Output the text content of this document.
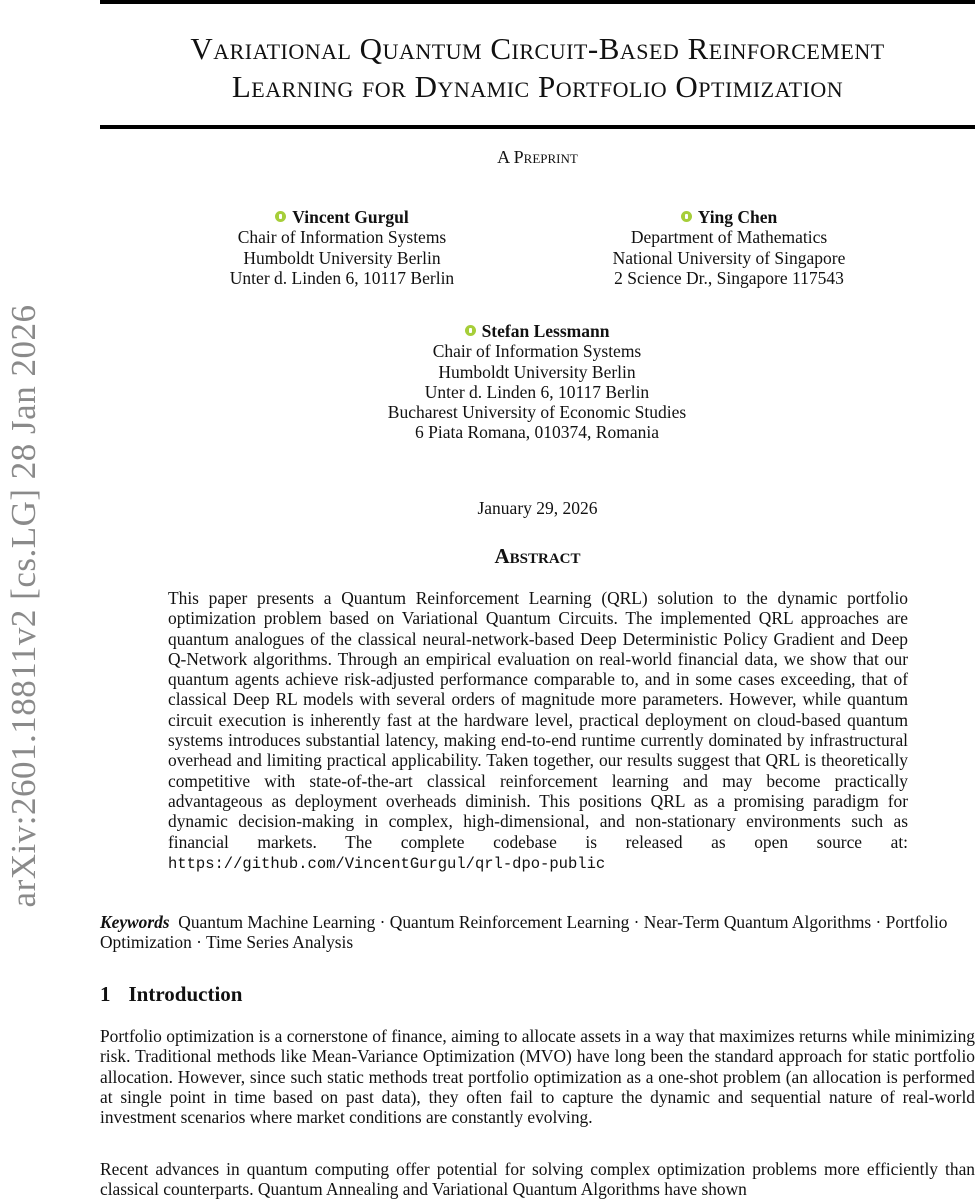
arXiv:2601.18811v2 [cs.LG] 28 Jan 2026
Variational Quantum Circuit-Based Reinforcement
Learning for Dynamic Portfolio Optimization
A Preprint
Vincent Gurgul
Chair of Information Systems
Humboldt University Berlin
Unter d. Linden 6, 10117 Berlin
Ying Chen
Department of Mathematics
National University of Singapore
2 Science Dr., Singapore 117543
Stefan Lessmann
Chair of Information Systems
Humboldt University Berlin
Unter d. Linden 6, 10117 Berlin
Bucharest University of Economic Studies
6 Piata Romana, 010374, Romania
January 29, 2026
Abstract
This paper presents a Quantum Reinforcement Learning (QRL) solution to the dynamic portfolio optimization problem based on Variational Quantum Circuits. The implemented QRL approaches are quantum analogues of the classical neural-network-based Deep Deterministic Policy Gradient and Deep Q-Network algorithms. Through an empirical evaluation on real-world financial data, we show that our quantum agents achieve risk-adjusted performance comparable to, and in some cases exceeding, that of classical Deep RL models with several orders of magnitude more parameters. However, while quantum circuit execution is inherently fast at the hardware level, practical deployment on cloud-based quantum systems introduces substantial latency, making end-to-end runtime currently dominated by infrastructural overhead and limiting practical applicability. Taken together, our results suggest that QRL is theoretically competitive with state-of-the-art classical reinforcement learning and may become practically advantageous as deployment overheads diminish. This positions QRL as a promising paradigm for dynamic decision-making in complex, high-dimensional, and non-stationary environments such as financial markets. The complete codebase is released as open source at: https://github.com/VincentGurgul/qrl-dpo-public
Keywords Quantum Machine Learning · Quantum Reinforcement Learning · Near-Term Quantum Algorithms · Portfolio Optimization · Time Series Analysis
1 Introduction
Portfolio optimization is a cornerstone of finance, aiming to allocate assets in a way that maximizes returns while minimizing risk. Traditional methods like Mean-Variance Optimization (MVO) have long been the standard approach for static portfolio allocation. However, since such static methods treat portfolio optimization as a one-shot problem (an allocation is performed at single point in time based on past data), they often fail to capture the dynamic and sequential nature of real-world investment scenarios where market conditions are constantly evolving.
Recent advances in quantum computing offer potential for solving complex optimization problems more efficiently than classical counterparts. Quantum Annealing and Variational Quantum Algorithms have shown
